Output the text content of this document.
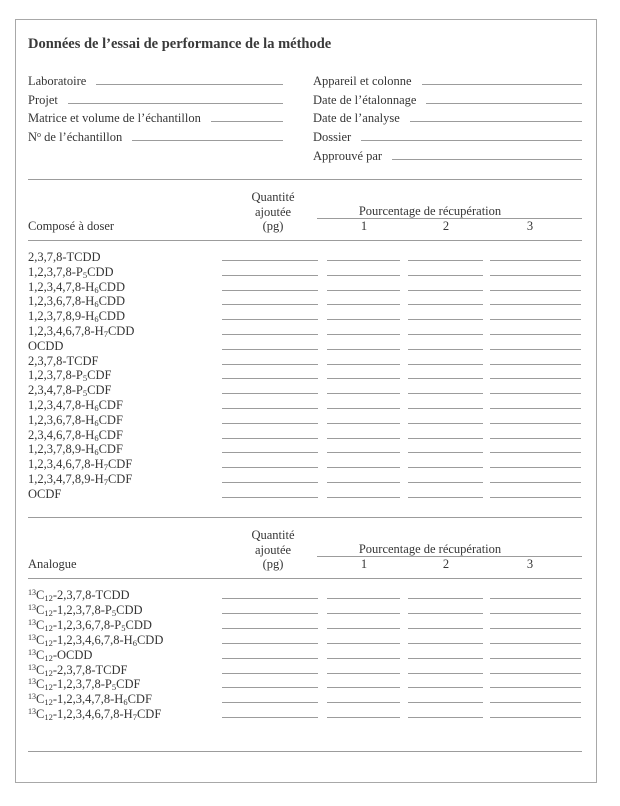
Données de l’essai de performance de la méthode
Laboratoire
Projet
Matrice et volume de l’échantillon
$N^o$ de l’échantillon
Appareil et colonne
Date de l’étalonnage
Date de l’analyse
Dossier
Approuvé par
Quantité
ajoutée
(pg)
Composé à doser
Pourcentage de récupération
1	2	3
2,3,7,8-TCDD
$1,2,3,7,8-P_5CDD$
$1,2,3,4,7,8-H_6CDD$
$1,2,3,6,7,8-H_6CDD$
$1,2,3,7,8,9-H_6CDD$
$1,2,3,4,6,7,8-H_7CDD$
OCDD
2,3,7,8-TCDF
$1,2,3,7,8-P_5CDF$
$2,3,4,7,8-P_5CDF$
$1,2,3,4,7,8-H_6CDF$
$1,2,3,6,7,8-H_6CDF$
$2,3,4,6,7,8-H_6CDF$
$1,2,3,7,8,9-H_6CDF$
$1,2,3,4,6,7,8-H_7CDF$
$1,2,3,4,7,8,9-H_7CDF$
OCDF
Quantité
ajoutée
(pg)
Analogue
Pourcentage de récupération
1	2	3
$^{13}C_{12}-2,3,7,8$-TCDD
$^{13}C_{12}-1,2,3,7,8-P_5CDD$
$^{13}C_{12}-1,2,3,6,7,8-P_5CDD$
$^{13}C_{12}-1,2,3,4,6,7,8-H_6CDD$
$^{13}C_{12}$-OCDD
$^{13}C_{12}-2,3,7,8$-TCDF
$^{13}C_{12}-1,2,3,7,8-P_5CDF$
$^{13}C_{12}-1,2,3,4,7,8-H_6CDF$
$^{13}C_{12}-1,2,3,4,6,7,8-H_7CDF$
